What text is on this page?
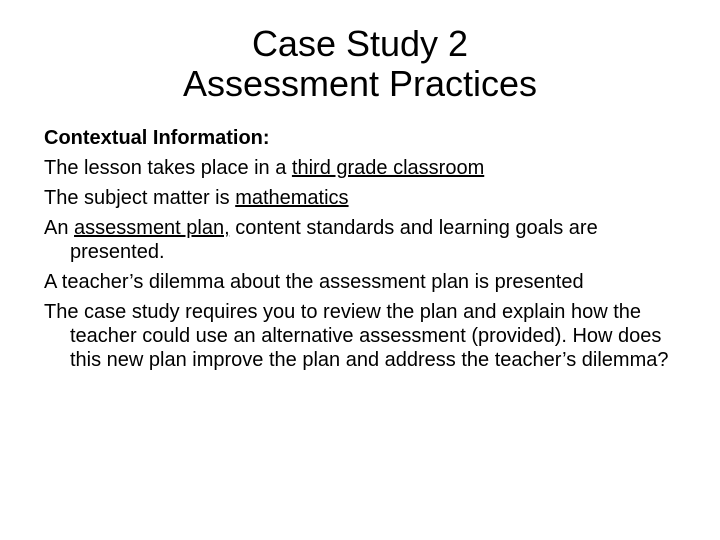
Case Study 2
Assessment Practices
Contextual Information:
The lesson takes place in a third grade classroom
The subject matter is mathematics
An assessment plan, content standards and learning goals are presented.
A teacher’s dilemma about the assessment plan is presented
The case study requires you to review the plan and explain how the teacher could use an alternative assessment (provided). How does this new plan improve the plan and address the teacher’s dilemma?
